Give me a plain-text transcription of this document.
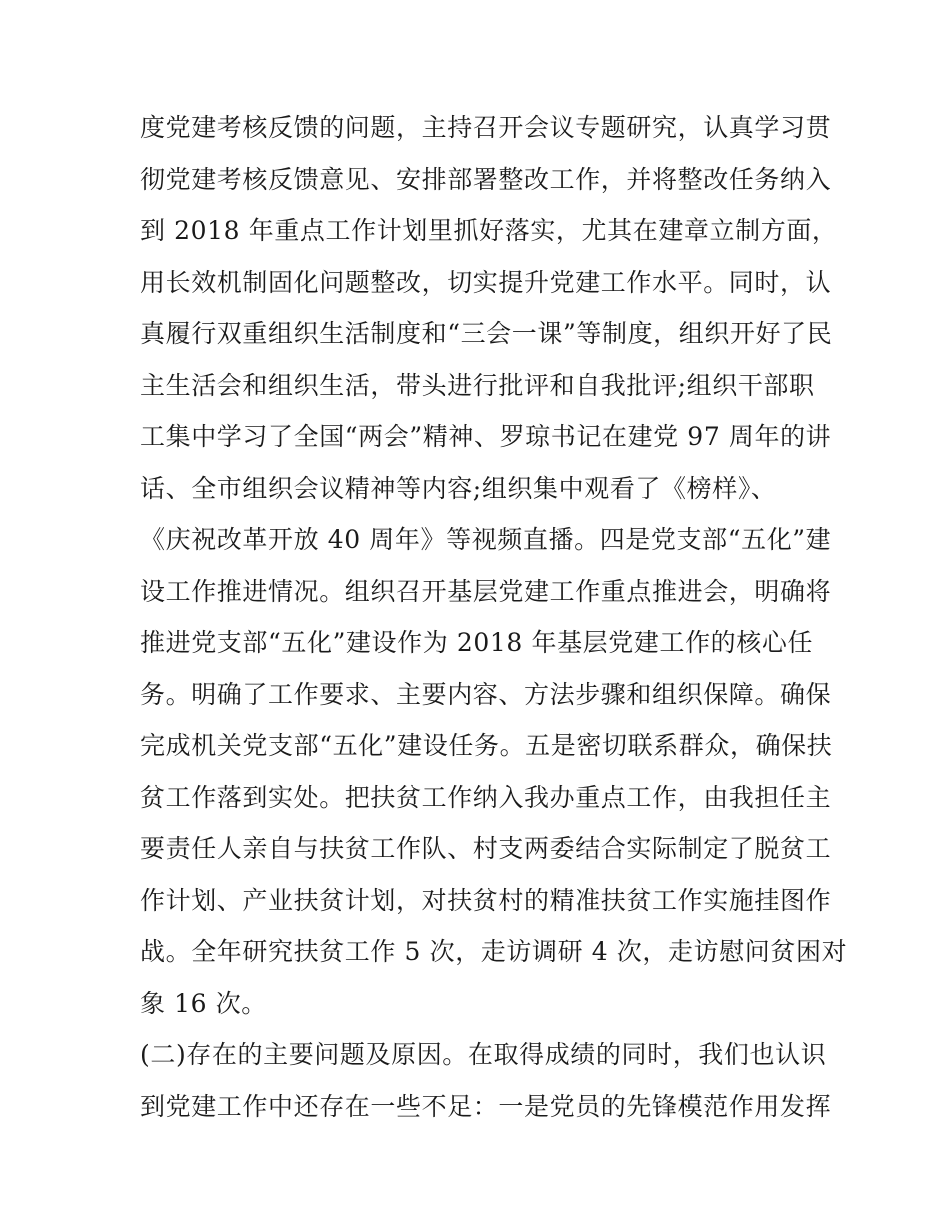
度党建考核反馈的问题，主持召开会议专题研究，认真学习贯
彻党建考核反馈意见、安排部署整改工作，并将整改任务纳入
到 2018 年重点工作计划里抓好落实，尤其在建章立制方面，
用长效机制固化问题整改，切实提升党建工作水平。同时，认
真履行双重组织生活制度和“三会一课”等制度，组织开好了民
主生活会和组织生活，带头进行批评和自我批评;组织干部职
工集中学习了全国“两会”精神、罗琼书记在建党 97 周年的讲
话、全市组织会议精神等内容;组织集中观看了《榜样》、
《庆祝改革开放 40 周年》等视频直播。四是党支部“五化”建
设工作推进情况。组织召开基层党建工作重点推进会，明确将
推进党支部“五化”建设作为 2018 年基层党建工作的核心任
务。明确了工作要求、主要内容、方法步骤和组织保障。确保
完成机关党支部“五化”建设任务。五是密切联系群众，确保扶
贫工作落到实处。把扶贫工作纳入我办重点工作，由我担任主
要责任人亲自与扶贫工作队、村支两委结合实际制定了脱贫工
作计划、产业扶贫计划，对扶贫村的精准扶贫工作实施挂图作
战。全年研究扶贫工作 5 次，走访调研 4 次，走访慰问贫困对
象 16 次。
(二)存在的主要问题及原因。在取得成绩的同时，我们也认识
到党建工作中还存在一些不足：一是党员的先锋模范作用发挥
